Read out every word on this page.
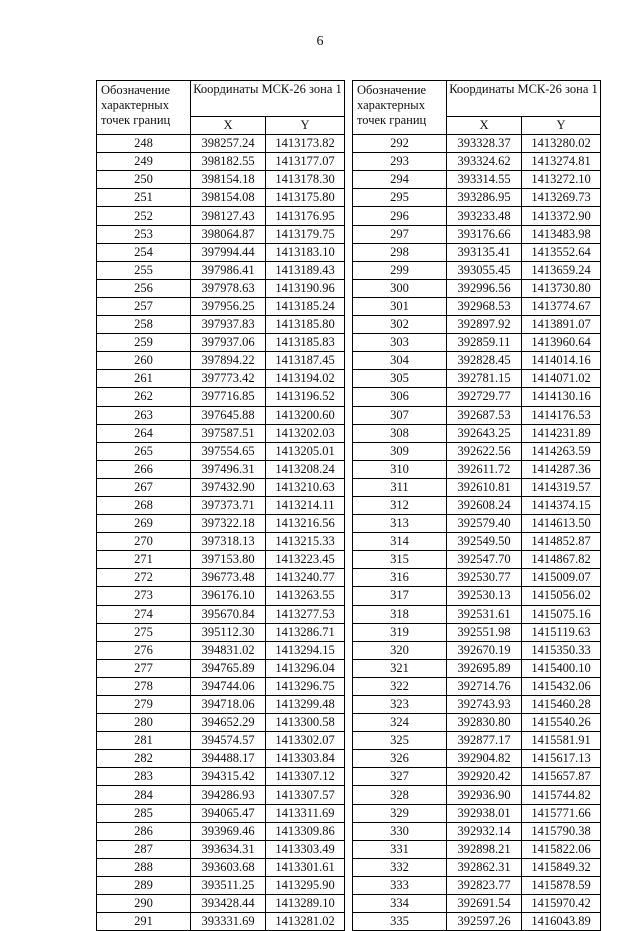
6
Обозначение
характерных
точек границ	Координаты МСК-26 зона 1	
	X	Y
248	398257.24	1413173.82
249	398182.55	1413177.07
250	398154.18	1413178.30
251	398154.08	1413175.80
252	398127.43	1413176.95
253	398064.87	1413179.75
254	397994.44	1413183.10
255	397986.41	1413189.43
256	397978.63	1413190.96
257	397956.25	1413185.24
258	397937.83	1413185.80
259	397937.06	1413185.83
260	397894.22	1413187.45
261	397773.42	1413194.02
262	397716.85	1413196.52
263	397645.88	1413200.60
264	397587.51	1413202.03
265	397554.65	1413205.01
266	397496.31	1413208.24
267	397432.90	1413210.63
268	397373.71	1413214.11
269	397322.18	1413216.56
270	397318.13	1413215.33
271	397153.80	1413223.45
272	396773.48	1413240.77
273	396176.10	1413263.55
274	395670.84	1413277.53
275	395112.30	1413286.71
276	394831.02	1413294.15
277	394765.89	1413296.04
278	394744.06	1413296.75
279	394718.06	1413299.48
280	394652.29	1413300.58
281	394574.57	1413302.07
282	394488.17	1413303.84
283	394315.42	1413307.12
284	394286.93	1413307.57
285	394065.47	1413311.69
286	393969.46	1413309.86
287	393634.31	1413303.49
288	393603.68	1413301.61
289	393511.25	1413295.90
290	393428.44	1413289.10
291	393331.69	1413281.02
Обозначение
характерных
точек границ	Координаты МСК-26 зона 1	
	X	Y
292	393328.37	1413280.02
293	393324.62	1413274.81
294	393314.55	1413272.10
295	393286.95	1413269.73
296	393233.48	1413372.90
297	393176.66	1413483.98
298	393135.41	1413552.64
299	393055.45	1413659.24
300	392996.56	1413730.80
301	392968.53	1413774.67
302	392897.92	1413891.07
303	392859.11	1413960.64
304	392828.45	1414014.16
305	392781.15	1414071.02
306	392729.77	1414130.16
307	392687.53	1414176.53
308	392643.25	1414231.89
309	392622.56	1414263.59
310	392611.72	1414287.36
311	392610.81	1414319.57
312	392608.24	1414374.15
313	392579.40	1414613.50
314	392549.50	1414852.87
315	392547.70	1414867.82
316	392530.77	1415009.07
317	392530.13	1415056.02
318	392531.61	1415075.16
319	392551.98	1415119.63
320	392670.19	1415350.33
321	392695.89	1415400.10
322	392714.76	1415432.06
323	392743.93	1415460.28
324	392830.80	1415540.26
325	392877.17	1415581.91
326	392904.82	1415617.13
327	392920.42	1415657.87
328	392936.90	1415744.82
329	392938.01	1415771.66
330	392932.14	1415790.38
331	392898.21	1415822.06
332	392862.31	1415849.32
333	392823.77	1415878.59
334	392691.54	1415970.42
335	392597.26	1416043.89
